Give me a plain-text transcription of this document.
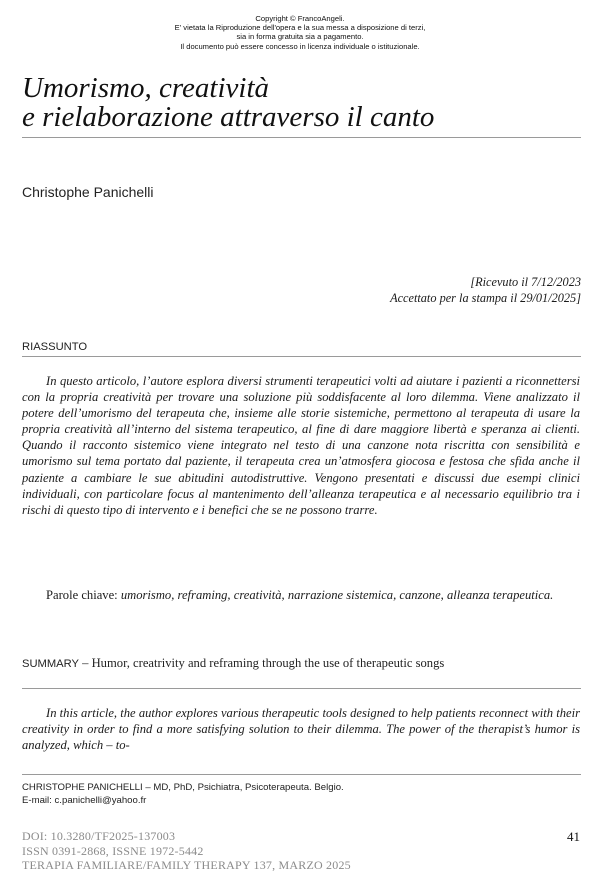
Copyright © FrancoAngeli.
E' vietata la Riproduzione dell'opera e la sua messa a disposizione di terzi,
sia in forma gratuita sia a pagamento.
Il documento può essere concesso in licenza individuale o istituzionale.
Umorismo, creatività
e rielaborazione attraverso il canto
Christophe Panichelli
[Ricevuto il 7/12/2023
Accettato per la stampa il 29/01/2025]
RIASSUNTO

In questo articolo, l’autore esplora diversi strumenti terapeutici volti ad aiutare i pazienti a riconnettersi con la propria creatività per trovare una soluzione più soddisfacente al loro dilemma. Viene analizzato il potere dell’umorismo del terapeuta che, insieme alle storie sistemiche, permettono al terapeuta di usare la propria creatività all’interno del sistema terapeutico, al fine di dare maggiore libertà e speranza ai clienti. Quando il racconto sistemico viene integrato nel testo di una canzone nota riscritta con sensibilità e umorismo sul tema portato dal paziente, il terapeuta crea un’atmosfera giocosa e festosa che sfida anche il paziente a cambiare le sue abitudini autodistruttive. Vengono presentati e discussi due esempi clinici individuali, con particolare focus al mantenimento dell’alleanza terapeutica e al necessario equilibrio tra i rischi di questo tipo di intervento e i benefici che se ne possono trarre.

Parole chiave: umorismo, reframing, creatività, narrazione sistemica, canzone, alleanza terapeutica.

SUMMARY – Humor, creatrivity and reframing through the use of therapeutic songs

In this article, the author explores various therapeutic tools designed to help patients reconnect with their creativity in order to find a more satisfying solution to their dilemma. The power of the therapist’s humor is analyzed, which – to-

CHRISTOPHE PANICHELLI – MD, PhD, Psichiatra, Psicoterapeuta. Belgio.
E-mail: c.panichelli@yahoo.fr
DOI: 10.3280/TF2025-137003
ISSN 0391-2868, ISSNE 1972-5442
TERAPIA FAMILIARE/FAMILY THERAPY 137, MARZO 2025
41
